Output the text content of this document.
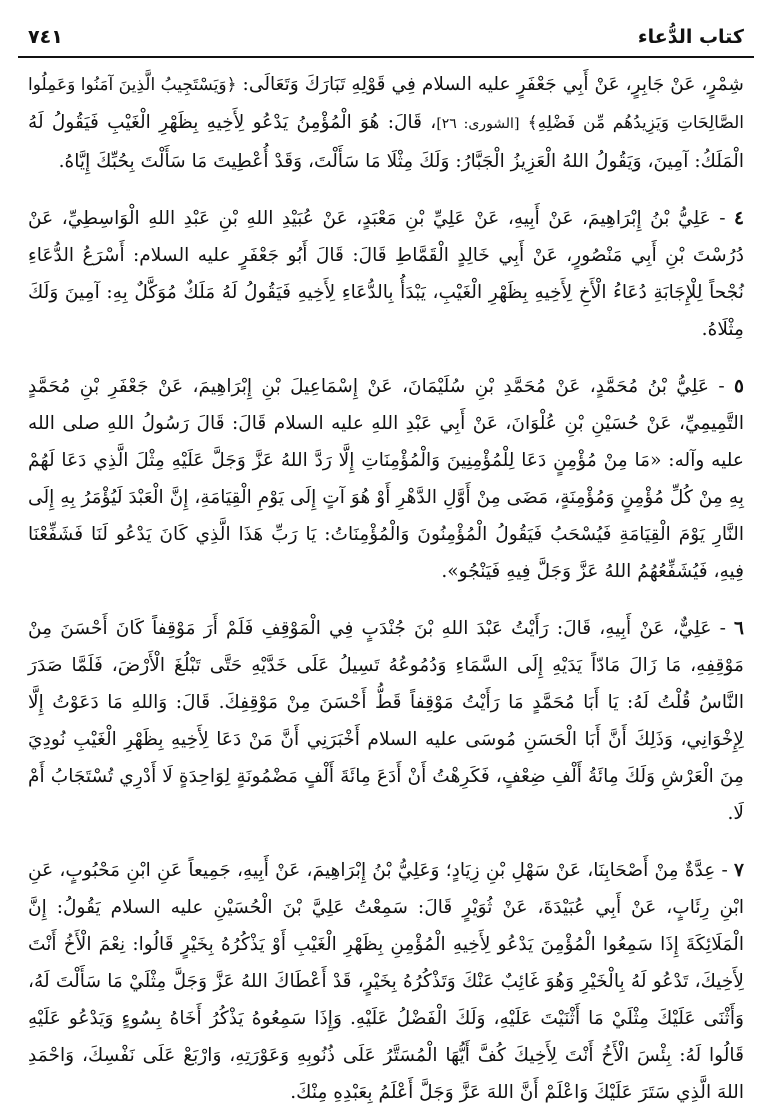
كتاب الدُّعاء
٧٤١

شِمْرٍ، عَنْ جَابِرٍ، عَنْ أَبِي جَعْفَرٍ عليه السلام فِي قَوْلِهِ تَبَارَكَ وَتَعَالَى: ﴿وَيَسْتَجِيبُ الَّذِينَ آمَنُوا وَعَمِلُوا الصَّالِحَاتِ وَيَزِيدُهُم مِّن فَضْلِهِ﴾ [الشورى: ٢٦]، قَالَ: هُوَ الْمُؤْمِنُ يَدْعُو لِأَخِيهِ بِظَهْرِ الْغَيْبِ فَيَقُولُ لَهُ الْمَلَكُ: آمِينَ، وَيَقُولُ اللهُ الْعَزِيزُ الْجَبَّارُ: وَلَكَ مِثْلَا مَا سَأَلْتَ، وَقَدْ أُعْطِيتَ مَا سَأَلْتَ بِحُبِّكَ إِيَّاهُ.

٤ - عَلِيُّ بْنُ إِبْرَاهِيمَ، عَنْ أَبِيهِ، عَنْ عَلِيِّ بْنِ مَعْبَدٍ، عَنْ عُبَيْدِ اللهِ بْنِ عَبْدِ اللهِ الْوَاسِطِيِّ، عَنْ دُرُسْتَ بْنِ أَبِي مَنْصُورٍ، عَنْ أَبِي خَالِدٍ الْقَمَّاطِ قَالَ: قَالَ أَبُو جَعْفَرٍ عليه السلام: أَسْرَعُ الدُّعَاءِ نُجْحاً لِلْإِجَابَةِ دُعَاءُ الْأَخِ لِأَخِيهِ بِظَهْرِ الْغَيْبِ، يَبْدَأُ بِالدُّعَاءِ لِأَخِيهِ فَيَقُولُ لَهُ مَلَكٌ مُوَكَّلٌ بِهِ: آمِينَ وَلَكَ مِثْلَاهُ.

٥ - عَلِيُّ بْنُ مُحَمَّدٍ، عَنْ مُحَمَّدِ بْنِ سُلَيْمَانَ، عَنْ إِسْمَاعِيلَ بْنِ إِبْرَاهِيمَ، عَنْ جَعْفَرِ بْنِ مُحَمَّدٍ التَّمِيمِيِّ، عَنْ حُسَيْنِ بْنِ عُلْوَانَ، عَنْ أَبِي عَبْدِ اللهِ عليه السلام قَالَ: قَالَ رَسُولُ اللهِ صلى الله عليه وآله: «مَا مِنْ مُؤْمِنٍ دَعَا لِلْمُؤْمِنِينَ وَالْمُؤْمِنَاتِ إِلَّا رَدَّ اللهُ عَزَّ وَجَلَّ عَلَيْهِ مِثْلَ الَّذِي دَعَا لَهُمْ بِهِ مِنْ كُلِّ مُؤْمِنٍ وَمُؤْمِنَةٍ، مَضَى مِنْ أَوَّلِ الدَّهْرِ أَوْ هُوَ آتٍ إِلَى يَوْمِ الْقِيَامَةِ، إِنَّ الْعَبْدَ لَيُؤْمَرُ بِهِ إِلَى النَّارِ يَوْمَ الْقِيَامَةِ فَيُسْحَبُ فَيَقُولُ الْمُؤْمِنُونَ وَالْمُؤْمِنَاتُ: يَا رَبِّ هَذَا الَّذِي كَانَ يَدْعُو لَنَا فَشَفِّعْنَا فِيهِ، فَيُشَفِّعُهُمُ اللهُ عَزَّ وَجَلَّ فِيهِ فَيَنْجُو».

٦ - عَلِيٌّ، عَنْ أَبِيهِ، قَالَ: رَأَيْتُ عَبْدَ اللهِ بْنَ جُنْدَبٍ فِي الْمَوْقِفِ فَلَمْ أَرَ مَوْقِفاً كَانَ أَحْسَنَ مِنْ مَوْقِفِهِ، مَا زَالَ مَادّاً يَدَيْهِ إِلَى السَّمَاءِ وَدُمُوعُهُ تَسِيلُ عَلَى خَدَّيْهِ حَتَّى تَبْلُغَ الْأَرْضَ، فَلَمَّا صَدَرَ النَّاسُ قُلْتُ لَهُ: يَا أَبَا مُحَمَّدٍ مَا رَأَيْتُ مَوْقِفاً قَطُّ أَحْسَنَ مِنْ مَوْقِفِكَ. قَالَ: وَاللهِ مَا دَعَوْتُ إِلَّا لِإِخْوَانِي، وَذَلِكَ أَنَّ أَبَا الْحَسَنِ مُوسَى عليه السلام أَخْبَرَنِي أَنَّ مَنْ دَعَا لِأَخِيهِ بِظَهْرِ الْغَيْبِ نُودِيَ مِنَ الْعَرْشِ وَلَكَ مِائَةُ أَلْفِ ضِعْفٍ، فَكَرِهْتُ أَنْ أَدَعَ مِائَةَ أَلْفٍ مَضْمُونَةٍ لِوَاحِدَةٍ لَا أَدْرِي تُسْتَجَابُ أَمْ لَا.

٧ - عِدَّةٌ مِنْ أَصْحَابِنَا، عَنْ سَهْلِ بْنِ زِيَادٍ؛ وَعَلِيُّ بْنُ إِبْرَاهِيمَ، عَنْ أَبِيهِ، جَمِيعاً عَنِ ابْنِ مَحْبُوبٍ، عَنِ ابْنِ رِئَابٍ، عَنْ أَبِي عُبَيْدَةَ، عَنْ ثُوَيْرٍ قَالَ: سَمِعْتُ عَلِيَّ بْنَ الْحُسَيْنِ عليه السلام يَقُولُ: إِنَّ الْمَلَائِكَةَ إِذَا سَمِعُوا الْمُؤْمِنَ يَدْعُو لِأَخِيهِ الْمُؤْمِنِ بِظَهْرِ الْغَيْبِ أَوْ يَذْكُرُهُ بِخَيْرٍ قَالُوا: نِعْمَ الْأَخُ أَنْتَ لِأَخِيكَ، تَدْعُو لَهُ بِالْخَيْرِ وَهُوَ غَائِبٌ عَنْكَ وَتَذْكُرُهُ بِخَيْرٍ، قَدْ أَعْطَاكَ اللهُ عَزَّ وَجَلَّ مِثْلَيْ مَا سَأَلْتَ لَهُ، وَأَثْنَى عَلَيْكَ مِثْلَيْ مَا أَثْنَيْتَ عَلَيْهِ، وَلَكَ الْفَضْلُ عَلَيْهِ. وَإِذَا سَمِعُوهُ يَذْكُرُ أَخَاهُ بِسُوءٍ وَيَدْعُو عَلَيْهِ قَالُوا لَهُ: بِئْسَ الْأَخُ أَنْتَ لِأَخِيكَ كُفَّ أَيُّهَا الْمُسَتَّرُ عَلَى ذُنُوبِهِ وَعَوْرَتِهِ، وَارْبَعْ عَلَى نَفْسِكَ، وَاحْمَدِ اللهَ الَّذِي سَتَرَ عَلَيْكَ وَاعْلَمْ أَنَّ اللهَ عَزَّ وَجَلَّ أَعْلَمُ بِعَبْدِهِ مِنْكَ.
